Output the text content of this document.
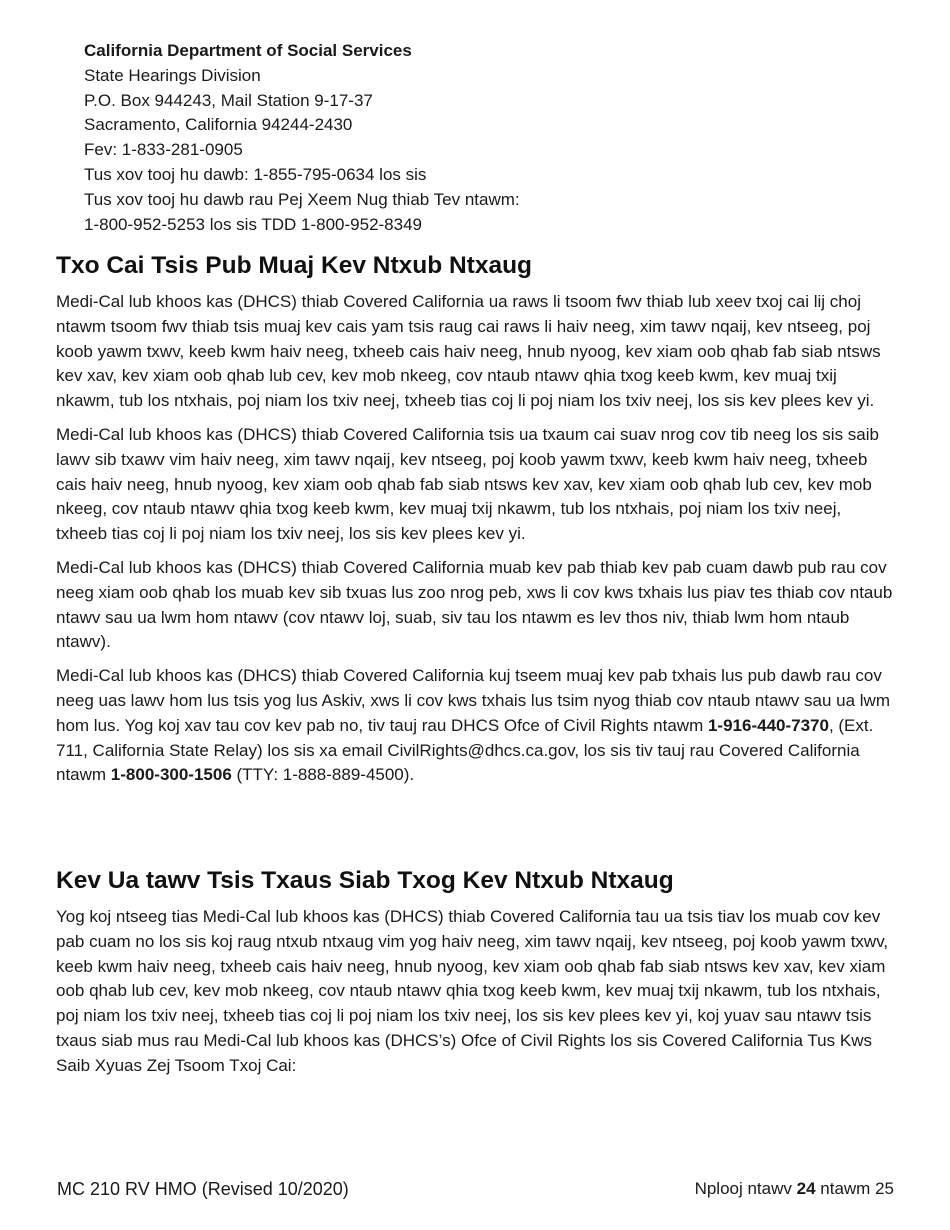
California Department of Social Services
State Hearings Division
P.O. Box 944243, Mail Station 9-17-37
Sacramento, California 94244-2430
Fev: 1-833-281-0905
Tus xov tooj hu dawb: 1-855-795-0634 los sis
Tus xov tooj hu dawb rau Pej Xeem Nug thiab Tev ntawm:
1-800-952-5253 los sis TDD 1-800-952-8349
Txo Cai Tsis Pub Muaj Kev Ntxub Ntxaug

Medi-Cal lub khoos kas (DHCS) thiab Covered California ua raws li tsoom fwv thiab lub xeev txoj cai lij choj ntawm tsoom fwv thiab tsis muaj kev cais yam tsis raug cai raws li haiv neeg, xim tawv nqaij, kev ntseeg, poj koob yawm txwv, keeb kwm haiv neeg, txheeb cais haiv neeg, hnub nyoog, kev xiam oob qhab fab siab ntsws kev xav, kev xiam oob qhab lub cev, kev mob nkeeg, cov ntaub ntawv qhia txog keeb kwm, kev muaj txij nkawm, tub los ntxhais, poj niam los txiv neej, txheeb tias coj li poj niam los txiv neej, los sis kev plees kev yi.

Medi-Cal lub khoos kas (DHCS) thiab Covered California tsis ua txaum cai suav nrog cov tib neeg los sis saib lawv sib txawv vim haiv neeg, xim tawv nqaij, kev ntseeg, poj koob yawm txwv, keeb kwm haiv neeg, txheeb cais haiv neeg, hnub nyoog, kev xiam oob qhab fab siab ntsws kev xav, kev xiam oob qhab lub cev, kev mob nkeeg, cov ntaub ntawv qhia txog keeb kwm, kev muaj txij nkawm, tub los ntxhais, poj niam los txiv neej, txheeb tias coj li poj niam los txiv neej, los sis kev plees kev yi.

Medi-Cal lub khoos kas (DHCS) thiab Covered California muab kev pab thiab kev pab cuam dawb pub rau cov neeg xiam oob qhab los muab kev sib txuas lus zoo nrog peb, xws li cov kws txhais lus piav tes thiab cov ntaub ntawv sau ua lwm hom ntawv (cov ntawv loj, suab, siv tau los ntawm es lev thos niv, thiab lwm hom ntaub ntawv).

Medi-Cal lub khoos kas (DHCS) thiab Covered California kuj tseem muaj kev pab txhais lus pub dawb rau cov neeg uas lawv hom lus tsis yog lus Askiv, xws li cov kws txhais lus tsim nyog thiab cov ntaub ntawv sau ua lwm hom lus. Yog koj xav tau cov kev pab no, tiv tauj rau DHCS Ofce of Civil Rights ntawm 1-916-440-7370, (Ext. 711, California State Relay) los sis xa email CivilRights@dhcs.ca.gov, los sis tiv tauj rau Covered California ntawm 1-800-300-1506 (TTY: 1-888-889-4500).

Kev Ua tawv Tsis Txaus Siab Txog Kev Ntxub Ntxaug

Yog koj ntseeg tias Medi-Cal lub khoos kas (DHCS) thiab Covered California tau ua tsis tiav los muab cov kev pab cuam no los sis koj raug ntxub ntxaug vim yog haiv neeg, xim tawv nqaij, kev ntseeg, poj koob yawm txwv, keeb kwm haiv neeg, txheeb cais haiv neeg, hnub nyoog, kev xiam oob qhab fab siab ntsws kev xav, kev xiam oob qhab lub cev, kev mob nkeeg, cov ntaub ntawv qhia txog keeb kwm, kev muaj txij nkawm, tub los ntxhais, poj niam los txiv neej, txheeb tias coj li poj niam los txiv neej, los sis kev plees kev yi, koj yuav sau ntawv tsis txaus siab mus rau Medi-Cal lub khoos kas (DHCS’s) Ofce of Civil Rights los sis Covered California Tus Kws Saib Xyuas Zej Tsoom Txoj Cai:

MC 210 RV HMO (Revised 10/2020)	Nplooj ntawv 24 ntawm 25
